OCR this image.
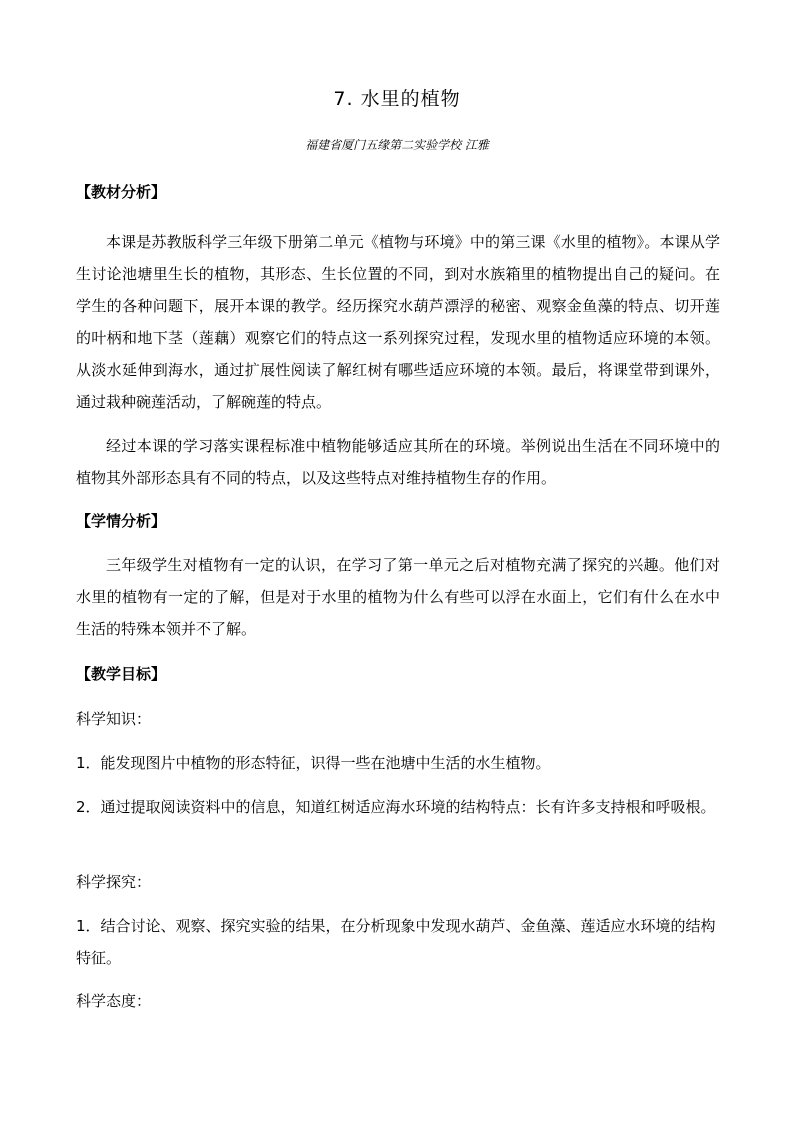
7. 水里的植物
福建省厦门五缘第二实验学校 江雅
【教材分析】

本课是苏教版科学三年级下册第二单元《植物与环境》中的第三课《水里的植物》。本课从学生讨论池塘里生长的植物，其形态、生长位置的不同，到对水族箱里的植物提出自己的疑问。在学生的各种问题下，展开本课的教学。经历探究水葫芦漂浮的秘密、观察金鱼藻的特点、切开莲的叶柄和地下茎（莲藕）观察它们的特点这一系列探究过程，发现水里的植物适应环境的本领。从淡水延伸到海水，通过扩展性阅读了解红树有哪些适应环境的本领。最后，将课堂带到课外，通过栽种碗莲活动，了解碗莲的特点。

经过本课的学习落实课程标准中植物能够适应其所在的环境。举例说出生活在不同环境中的植物其外部形态具有不同的特点，以及这些特点对维持植物生存的作用。

【学情分析】

三年级学生对植物有一定的认识，在学习了第一单元之后对植物充满了探究的兴趣。他们对水里的植物有一定的了解，但是对于水里的植物为什么有些可以浮在水面上，它们有什么在水中生活的特殊本领并不了解。

【教学目标】
科学知识：
1．能发现图片中植物的形态特征，识得一些在池塘中生活的水生植物。
2．通过提取阅读资料中的信息，知道红树适应海水环境的结构特点：长有许多支持根和呼吸根。
科学探究：
1．结合讨论、观察、探究实验的结果，在分析现象中发现水葫芦、金鱼藻、莲适应水环境的结构特征。
科学态度：
